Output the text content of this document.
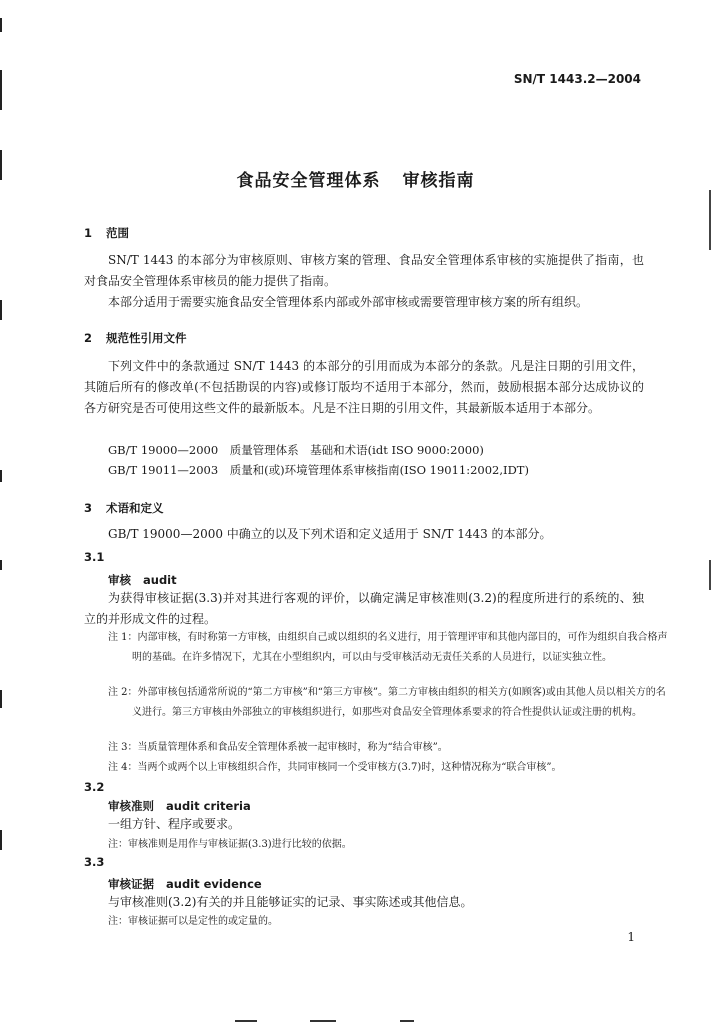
SN/T 1443.2—2004
食品安全管理体系 审核指南
1 范围
SN/T 1443 的本部分为审核原则、审核方案的管理、食品安全管理体系审核的实施提供了指南，也对食品安全管理体系审核员的能力提供了指南。
本部分适用于需要实施食品安全管理体系内部或外部审核或需要管理审核方案的所有组织。
2 规范性引用文件
下列文件中的条款通过 SN/T 1443 的本部分的引用而成为本部分的条款。凡是注日期的引用文件，其随后所有的修改单(不包括勘误的内容)或修订版均不适用于本部分，然而，鼓励根据本部分达成协议的各方研究是否可使用这些文件的最新版本。凡是不注日期的引用文件，其最新版本适用于本部分。
GB/T 19000—2000　质量管理体系　基础和术语(idt ISO 9000:2000)
GB/T 19011—2003　质量和(或)环境管理体系审核指南(ISO 19011:2002,IDT)
3 术语和定义
GB/T 19000—2000 中确立的以及下列术语和定义适用于 SN/T 1443 的本部分。
3.1
审核 audit
为获得审核证据(3.3)并对其进行客观的评价，以确定满足审核准则(3.2)的程度所进行的系统的、独立的并形成文件的过程。
注 1：内部审核，有时称第一方审核，由组织自己或以组织的名义进行，用于管理评审和其他内部目的，可作为组织自我合格声明的基础。在许多情况下，尤其在小型组织内，可以由与受审核活动无责任关系的人员进行，以证实独立性。
注 2：外部审核包括通常所说的“第二方审核”和“第三方审核”。第二方审核由组织的相关方(如顾客)或由其他人员以相关方的名义进行。第三方审核由外部独立的审核组织进行，如那些对食品安全管理体系要求的符合性提供认证或注册的机构。
注 3：当质量管理体系和食品安全管理体系被一起审核时，称为“结合审核”。
注 4：当两个或两个以上审核组织合作，共同审核同一个受审核方(3.7)时，这种情况称为“联合审核”。
3.2
审核准则 audit criteria
一组方针、程序或要求。
注：审核准则是用作与审核证据(3.3)进行比较的依据。
3.3
审核证据 audit evidence
与审核准则(3.2)有关的并且能够证实的记录、事实陈述或其他信息。
注：审核证据可以是定性的或定量的。
1
